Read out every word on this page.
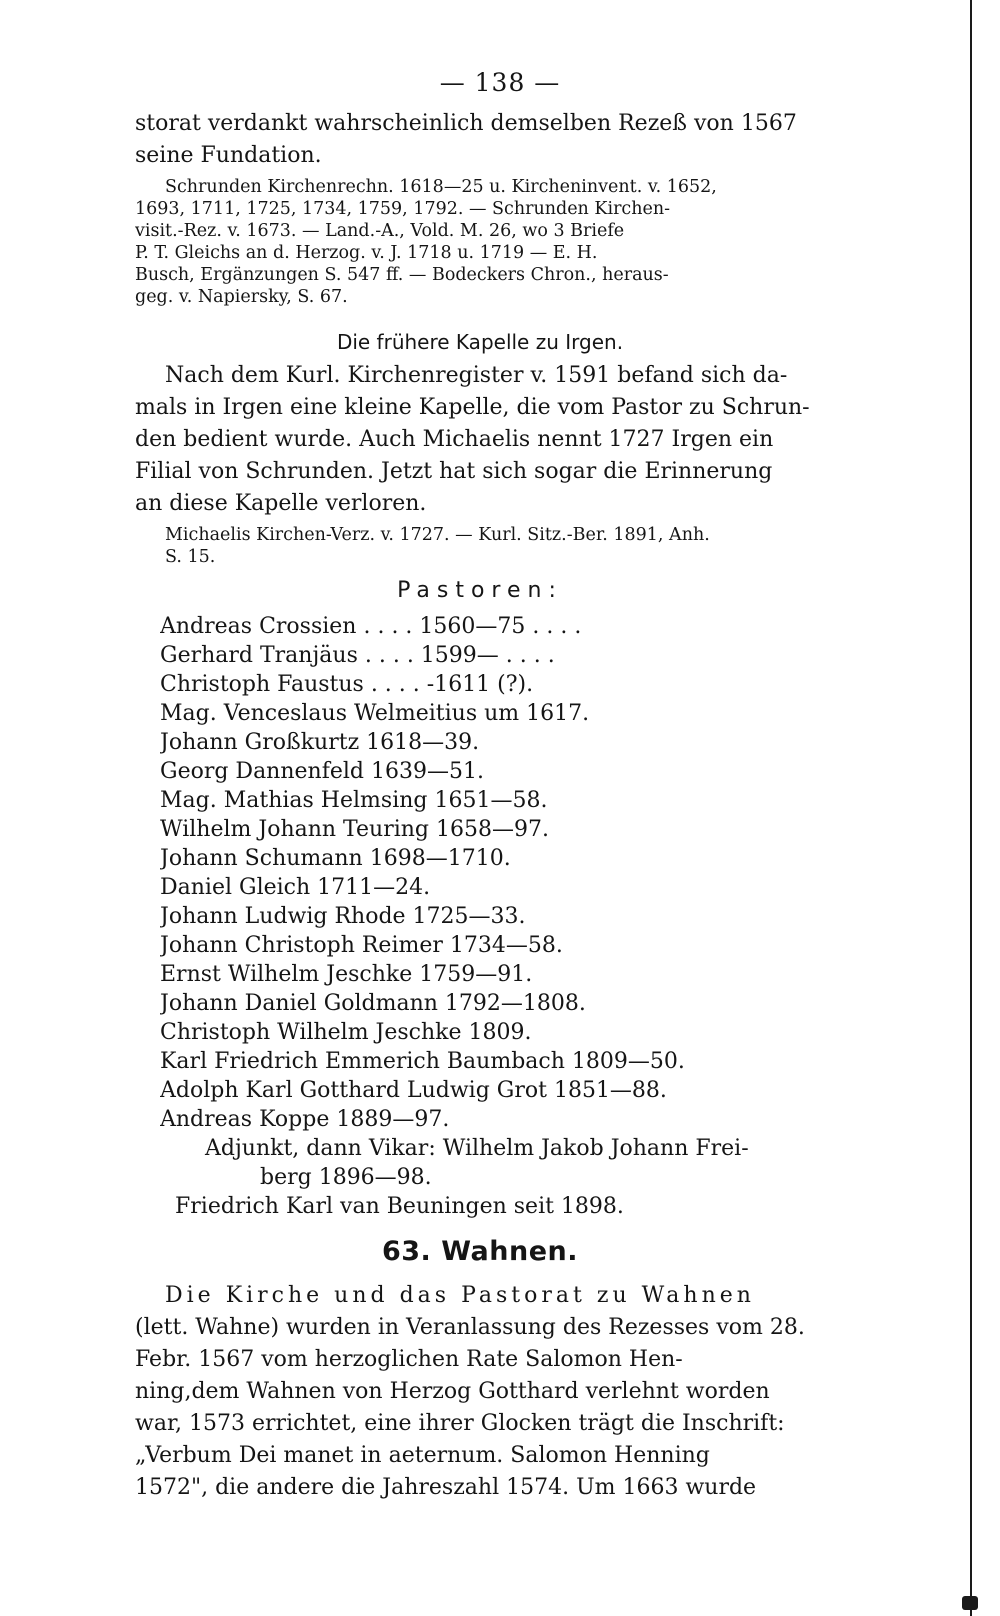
— 138 —
storat verdankt wahrscheinlich demselben Rezeß von 1567
seine Fundation.
Schrunden Kirchenrechn. 1618—25 u. Kircheninvent. v. 1652,
1693, 1711, 1725, 1734, 1759, 1792. — Schrunden Kirchen-
visit.-Rez. v. 1673. — Land.-A., Vold. M. 26, wo 3 Briefe
P. T. Gleichs an d. Herzog. v. J. 1718 u. 1719 — E. H.
Busch, Ergänzungen S. 547 ff. — Bodeckers Chron., heraus-
geg. v. Napiersky, S. 67.
Die frühere Kapelle zu Irgen.
Nach dem Kurl. Kirchenregister v. 1591 befand sich da-
mals in Irgen eine kleine Kapelle, die vom Pastor zu Schrun-
den bedient wurde. Auch Michaelis nennt 1727 Irgen ein
Filial von Schrunden. Jetzt hat sich sogar die Erinnerung
an diese Kapelle verloren.
Michaelis Kirchen-Verz. v. 1727. — Kurl. Sitz.-Ber. 1891, Anh.
S. 15.
Pastoren:
Andreas Crossien . . . . 1560—75 . . . .
Gerhard Tranjäus . . . . 1599— . . . .
Christoph Faustus . . . . -1611 (?).
Mag. Venceslaus Welmeitius um 1617.
Johann Großkurtz 1618—39.
Georg Dannenfeld 1639—51.
Mag. Mathias Helmsing 1651—58.
Wilhelm Johann Teuring 1658—97.
Johann Schumann 1698—1710.
Daniel Gleich 1711—24.
Johann Ludwig Rhode 1725—33.
Johann Christoph Reimer 1734—58.
Ernst Wilhelm Jeschke 1759—91.
Johann Daniel Goldmann 1792—1808.
Christoph Wilhelm Jeschke 1809.
Karl Friedrich Emmerich Baumbach 1809—50.
Adolph Karl Gotthard Ludwig Grot 1851—88.
Andreas Koppe 1889—97.
Adjunkt, dann Vikar: Wilhelm Jakob Johann Frei-
berg 1896—98.
Friedrich Karl van Beuningen seit 1898.
63. Wahnen.
Die Kirche und das Pastorat zu Wahnen
(lett. Wahne) wurden in Veranlassung des Rezesses vom 28.
Febr. 1567 vom herzoglichen Rate Salomon Hen-
ning,dem Wahnen von Herzog Gotthard verlehnt worden
war, 1573 errichtet, eine ihrer Glocken trägt die Inschrift:
„Verbum Dei manet in aeternum. Salomon Henning
1572", die andere die Jahreszahl 1574. Um 1663 wurde
